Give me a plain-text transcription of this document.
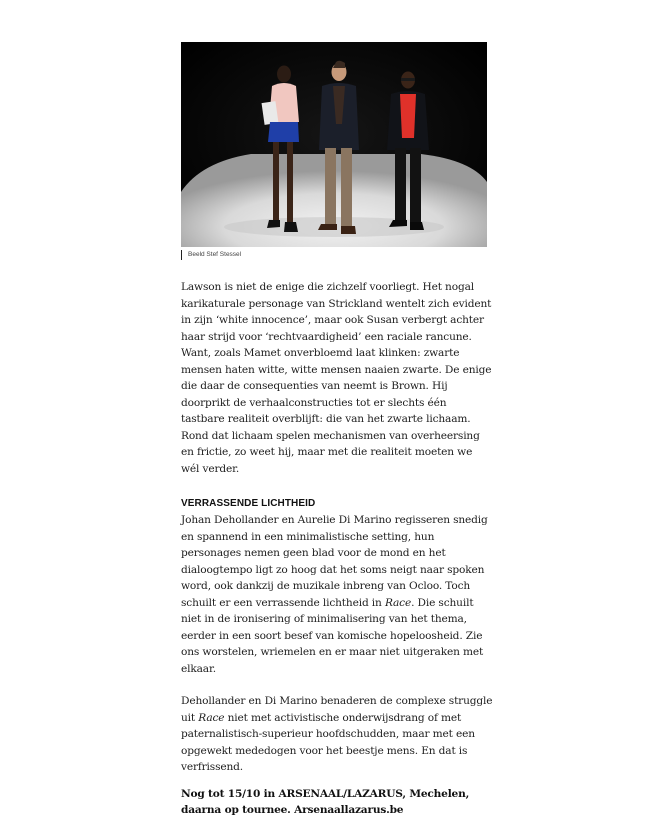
Beeld Stef Stessel

Lawson is niet de enige die zichzelf voorliegt. Het nogal karikaturale personage van Strickland wentelt zich evident in zijn ‘white innocence’, maar ook Susan verbergt achter haar strijd voor ‘rechtvaardigheid’ een raciale rancune. Want, zoals Mamet onverbloemd laat klinken: zwarte mensen haten witte, witte mensen naaien zwarte. De enige die daar de consequenties van neemt is Brown. Hij doorprikt de verhaalconstructies tot er slechts één tastbare realiteit overblijft: die van het zwarte lichaam. Rond dat lichaam spelen mechanismen van overheersing en frictie, zo weet hij, maar met die realiteit moeten we wél verder.

VERRASSENDE LICHTHEID

Johan Dehollander en Aurelie Di Marino regisseren snedig en spannend in een minimalistische setting, hun personages nemen geen blad voor de mond en het dialoogtempo ligt zo hoog dat het soms neigt naar spoken word, ook dankzij de muzikale inbreng van Ocloo. Toch schuilt er een verrassende lichtheid in Race. Die schuilt niet in de ironisering of minimalisering van het thema, eerder in een soort besef van komische hopeloosheid. Zie ons worstelen, wriemelen en er maar niet uitgeraken met elkaar.

Dehollander en Di Marino benaderen de complexe struggle uit Race niet met activistische onderwijsdrang of met paternalistisch-superieur hoofdschudden, maar met een opgewekt mededogen voor het beestje mens. En dat is verfrissend.

Nog tot 15/10 in ARSENAAL/LAZARUS, Mechelen, daarna op tournee. Arsenaallazarus.be
